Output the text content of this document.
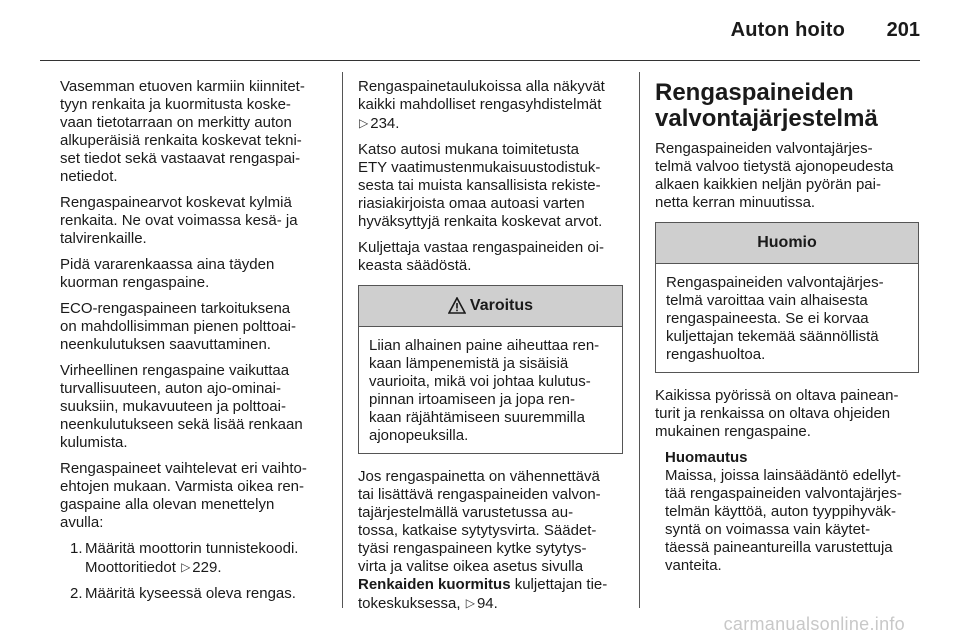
Auton hoito 201

Vasemman etuoven karmiin kiinnitet-
tyyn renkaita ja kuormitusta koske-
vaan tietotarraan on merkitty auton
alkuperäisiä renkaita koskevat tekni-
set tiedot sekä vastaavat rengaspai-
netiedot.

Rengaspainearvot koskevat kylmiä
renkaita. Ne ovat voimassa kesä- ja
talvirenkaille.

Pidä vararenkaassa aina täyden
kuorman rengaspaine.

ECO-rengaspaineen tarkoituksena
on mahdollisimman pienen polttoai-
neenkulutuksen saavuttaminen.

Virheellinen rengaspaine vaikuttaa
turvallisuuteen, auton ajo-ominai-
suuksiin, mukavuuteen ja polttoai-
neenkulutukseen sekä lisää renkaan
kulumista.

Rengaspaineet vaihtelevat eri vaihto-
ehtojen mukaan. Varmista oikea ren-
gaspaine alla olevan menettelyn
avulla:

1. Määritä moottorin tunnistekoodi.
Moottoritiedot ▷ 229.
2. Määritä kyseessä oleva rengas.

Rengaspainetaulukoissa alla näkyvät
kaikki mahdolliset rengasyhdistelmät
▷ 234.

Katso autosi mukana toimitetusta
ETY vaatimustenmukaisuustodistuk-
sesta tai muista kansallisista rekiste-
riasiakirjoista omaa autoasi varten
hyväksyttyjä renkaita koskevat arvot.

Kuljettaja vastaa rengaspaineiden oi-
keasta säädöstä.

Varoitus
Liian alhainen paine aiheuttaa ren-
kaan lämpenemistä ja sisäisiä
vaurioita, mikä voi johtaa kulutus-
pinnan irtoamiseen ja jopa ren-
kaan räjähtämiseen suuremmilla
ajonopeuksilla.

Jos rengaspainetta on vähennettävä
tai lisättävä rengaspaineiden valvon-
tajärjestelmällä varustetussa au-
tossa, katkaise sytytysvirta. Säädet-
tyäsi rengaspaineen kytke sytytys-
virta ja valitse oikea asetus sivulla
Renkaiden kuormitus kuljettajan tie-
tokeskuksessa, ▷ 94.

Rengaspaineiden
valvontajärjestelmä

Rengaspaineiden valvontajärjes-
telmä valvoo tietystä ajonopeudesta
alkaen kaikkien neljän pyörän pai-
netta kerran minuutissa.

Huomio
Rengaspaineiden valvontajärjes-
telmä varoittaa vain alhaisesta
rengaspaineesta. Se ei korvaa
kuljettajan tekemää säännöllistä
rengashuoltoa.

Kaikissa pyörissä on oltava painean-
turit ja renkaissa on oltava ohjeiden
mukainen rengaspaine.

Huomautus
Maissa, joissa lainsäädäntö edellyt-
tää rengaspaineiden valvontajärjes-
telmän käyttöä, auton tyyppihyväk-
syntä on voimassa vain käytet-
täessä paineantureilla varustettuja
vanteita.
carmanualsonline.info
